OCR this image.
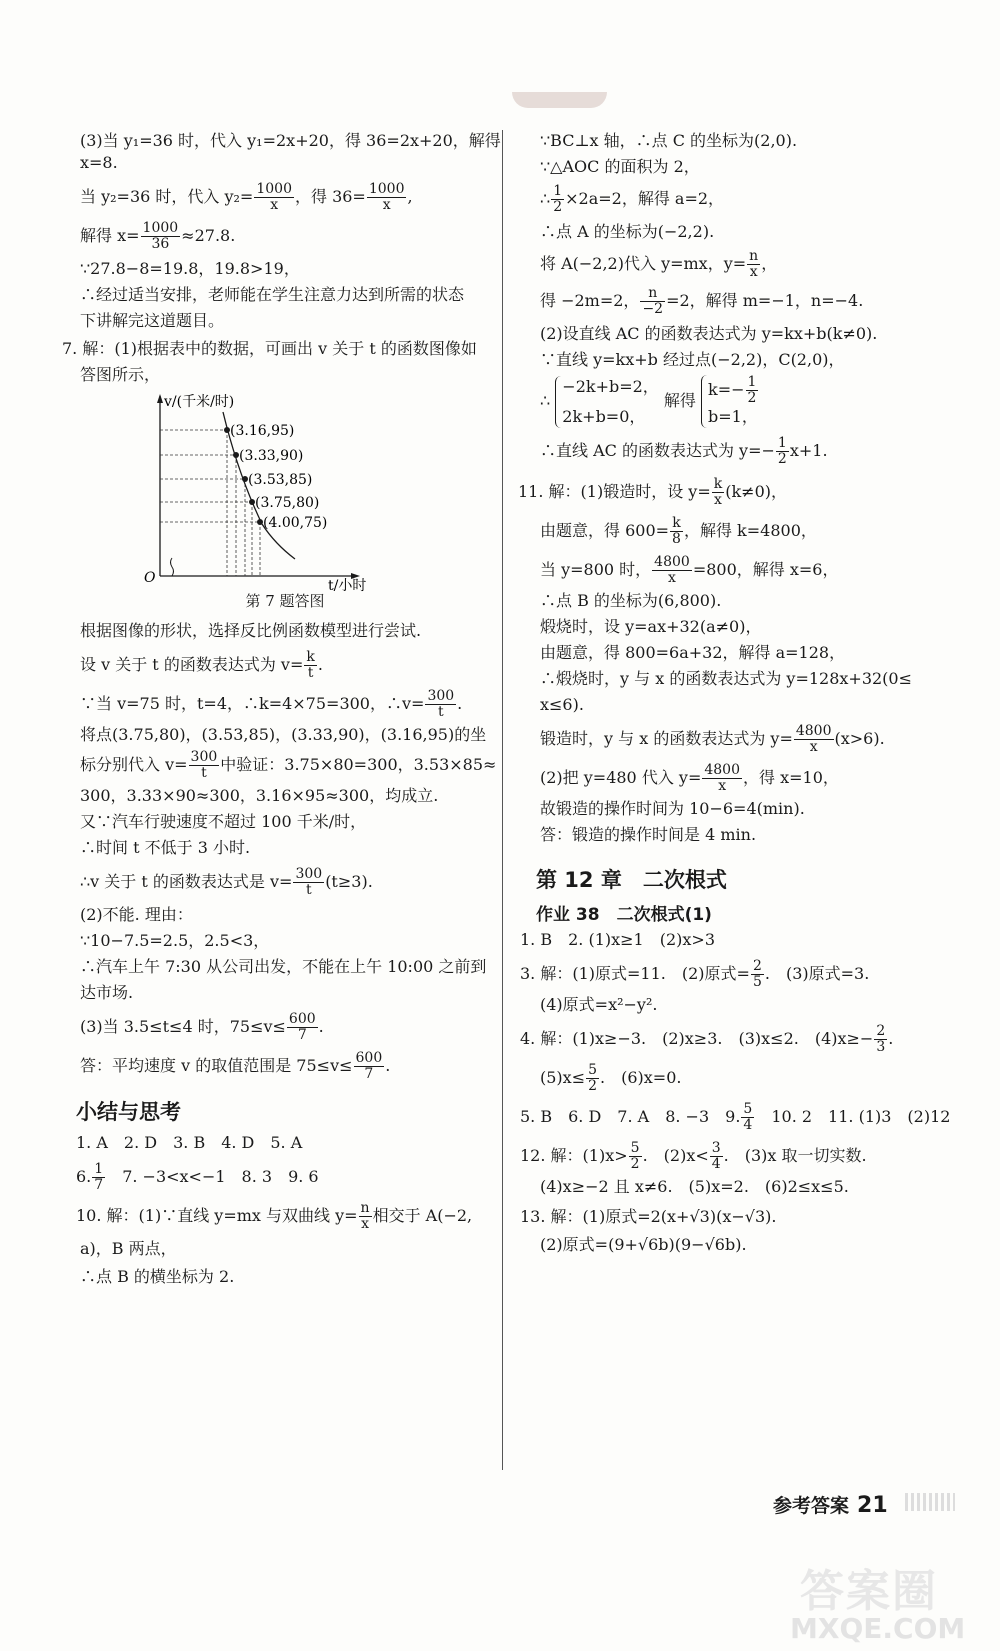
(3)当 y₁=36 时，代入 y₁=2x+20，得 36=2x+20，解得

x=8.

当 y₂=36 时，代入 $y_2= \frac{1000}{x}$ ，得 $36= \frac{1000}{x}$ ,

解得 $x= \frac{1000}{36} \approx 27.8$.

∵27.8−8=19.8，19.8>19，

∴经过适当安排，老师能在学生注意力达到所需的状态

下讲解完这道题目。

7. 解：(1)根据表中的数据，可画出 v 关于 t 的函数图像如

答图所示，

v/(千米/时)
t/小时
O
(3.16,95)
(3.33,90)
(3.53,85)
(3.75,80)
(4.00,75)

第 7 题答图

根据图像的形状，选择反比例函数模型进行尝试.

设 v 关于 t 的函数表达式为 $v= \frac{k}{t}$ .

∵当 v=75 时，t=4，∴k=4×75=300，∴v= $\frac{300}{t}$ .

将点(3.75,80)，(3.53,85)，(3.33,90)，(3.16,95)的坐

标分别代入 $v= \frac{300}{t}$ 中验证：3.75×80=300，3.53×85≈

300，3.33×90≈300，3.16×95≈300，均成立.

又∵汽车行驶速度不超过 100 千米/时，

∴时间 t 不低于 3 小时.

∴v 关于 t 的函数表达式是 $v= \frac{300}{t} (t\ge 3)$.

(2)不能. 理由：

∵10−7.5=2.5，2.5<3，

∴汽车上午 7:30 从公司出发，不能在上午 10:00 之前到

达市场.

(3)当 3.5≤t≤4 时，$75\le v\le \frac{600}{7}$ .

答：平均速度 v 的取值范围是 $75\le v\le \frac{600}{7}$ .

小结与思考

1. A　2. D　3. B　4. D　5. A

6. $\frac{1}{7}$ 　7. −3<x<−1　8. 3　9. 6

10. 解：(1)∵直线 y=mx 与双曲线 $y= \frac{n}{x}$ 相交于 A(−2,

a)，B 两点，

∴点 B 的横坐标为 2.

∵BC⊥x 轴，∴点 C 的坐标为(2,0).

∵△AOC 的面积为 2，

∴ $\frac{1}{2} \times 2a=2$，解得 a=2，

∴点 A 的坐标为(−2,2).

将 A(−2,2)代入 y=mx，$y= \frac{n}{x}$ ，

得 −2m=2， $\frac{n}{-2} =2$，解得 m=−1，n=−4.

(2)设直线 AC 的函数表达式为 y=kx+b(k≠0).

∵直线 y=kx+b 经过点(−2,2)，C(2,0)，

∴
−2k+b=2，
2k+b=0，
解得
$k=- \frac{1}{2}$
b=1，

∴直线 AC 的函数表达式为 $y=- \frac{1}{2} x+1$.

11. 解：(1)锻造时，设 $y= \frac{k}{x} (k\ne 0)$，

由题意，得 $600= \frac{k}{8}$ ，解得 k=4800，

当 y=800 时， $\frac{4800}{x} =800$，解得 x=6，

∴点 B 的坐标为(6,800).

煅烧时，设 y=ax+32(a≠0)，

由题意，得 800=6a+32，解得 a=128，

∴煅烧时，y 与 x 的函数表达式为 y=128x+32(0≤

x≤6).

锻造时，y 与 x 的函数表达式为 $y= \frac{4800}{x} (x>6)$.

(2)把 y=480 代入 $y= \frac{4800}{x}$ ，得 x=10，

故锻造的操作时间为 10−6=4(min).

答：锻造的操作时间是 4 min.

第 12 章　二次根式

作业 38　二次根式(1)

1. B　2. (1)x≥1　(2)x>3

3. 解：(1)原式=11.　(2)原式= $\frac{2}{5}$ .　(3)原式=3.

(4)原式=x²−y².

4. 解：(1)x≥−3.　(2)x≥3.　(3)x≤2.　$(4)x\ge- \frac{2}{3}$ .

$(5)x\le \frac{5}{2}$ .　(6)x=0.

5. B　6. D　7. A　8. −3　9. $\frac{5}{4}$ 　10. 2　11. (1)3　(2)12

12. 解：$(1)x> \frac{5}{2}$ .　$(2)x< \frac{3}{4}$ .　(3)x 取一切实数.

(4)x≥−2 且 x≠6.　(5)x=2.　(6)2≤x≤5.

13. 解：(1)原式=2(x+√3)(x−√3).

(2)原式=(9+√6b)(9−√6b).

参考答案 21
答案圈
MXQE.COM
